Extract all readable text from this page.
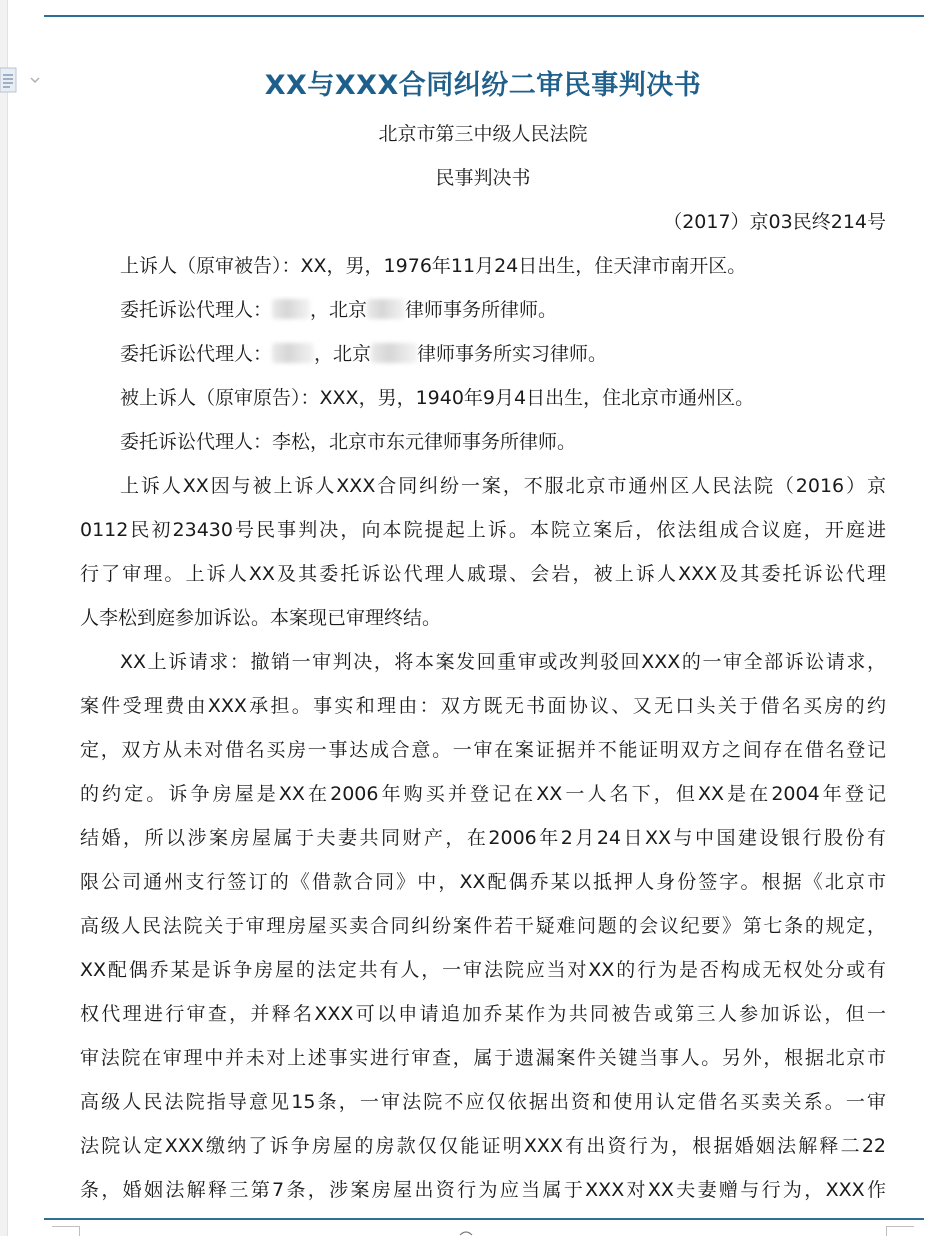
XX与XXX合同纠纷二审民事判决书
北京市第三中级人民法院
民事判决书
（2017）京03民终214号
上诉人（原审被告）：XX，男，1976年11月24日出生，住天津市南开区。
委托诉讼代理人： ，北京 律师事务所律师。
委托诉讼代理人： ，北京 律师事务所实习律师。
被上诉人（原审原告）：XXX，男，1940年9月4日出生，住北京市通州区。
委托诉讼代理人：李松，北京市东元律师事务所律师。
上诉人XX因与被上诉人XXX合同纠纷一案，不服北京市通州区人民法院（2016）京
0112民初23430号民事判决，向本院提起上诉。本院立案后，依法组成合议庭，开庭进
行了审理。上诉人XX及其委托诉讼代理人戚璟、会岩，被上诉人XXX及其委托诉讼代理
人李松到庭参加诉讼。本案现已审理终结。
XX上诉请求：撤销一审判决，将本案发回重审或改判驳回XXX的一审全部诉讼请求，
案件受理费由XXX承担。事实和理由：双方既无书面协议、又无口头关于借名买房的约
定，双方从未对借名买房一事达成合意。一审在案证据并不能证明双方之间存在借名登记
的约定。诉争房屋是XX在2006年购买并登记在XX一人名下，但XX是在2004年登记
结婚，所以涉案房屋属于夫妻共同财产，在2006年2月24日XX与中国建设银行股份有
限公司通州支行签订的《借款合同》中，XX配偶乔某以抵押人身份签字。根据《北京市
高级人民法院关于审理房屋买卖合同纠纷案件若干疑难问题的会议纪要》第七条的规定，
XX配偶乔某是诉争房屋的法定共有人，一审法院应当对XX的行为是否构成无权处分或有
权代理进行审查，并释名XXX可以申请追加乔某作为共同被告或第三人参加诉讼，但一
审法院在审理中并未对上述事实进行审查，属于遗漏案件关键当事人。另外，根据北京市
高级人民法院指导意见15条，一审法院不应仅依据出资和使用认定借名买卖关系。一审
法院认定XXX缴纳了诉争房屋的房款仅仅能证明XXX有出资行为，根据婚姻法解释二22
条，婚姻法解释三第7条，涉案房屋出资行为应当属于XXX对XX夫妻赠与行为，XXX作
